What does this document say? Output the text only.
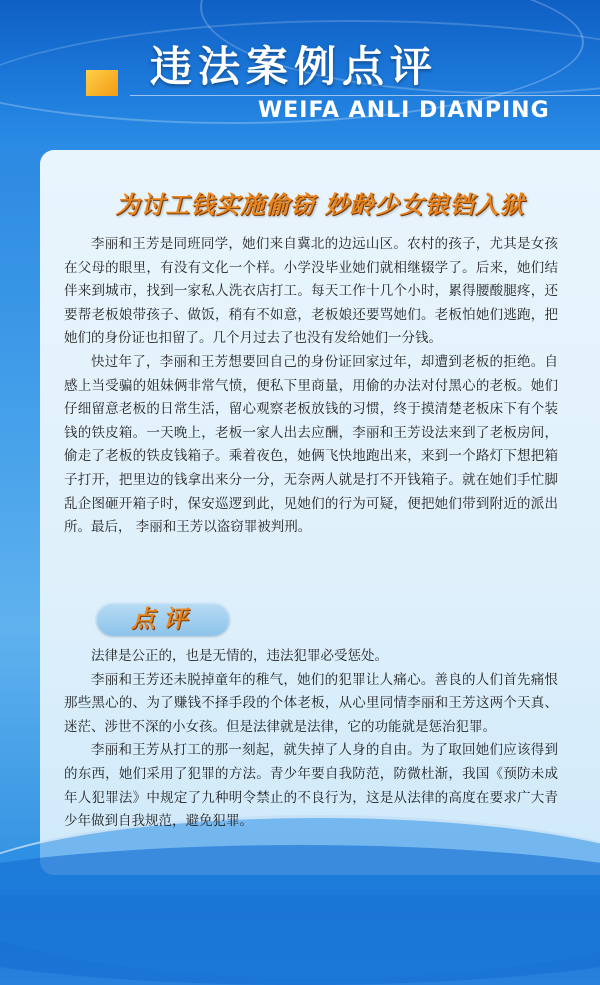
违法案例点评
WEIFA ANLI DIANPING
为讨工钱实施偷窃 妙龄少女锒铛入狱

李丽和王芳是同班同学，她们来自冀北的边远山区。农村的孩子，尤其是女孩在父母的眼里，有没有文化一个样。小学没毕业她们就相继辍学了。后来，她们结伴来到城市，找到一家私人洗衣店打工。每天工作十几个小时，累得腰酸腿疼，还要帮老板娘带孩子、做饭，稍有不如意，老板娘还要骂她们。老板怕她们逃跑，把她们的身份证也扣留了。几个月过去了也没有发给她们一分钱。

快过年了，李丽和王芳想要回自己的身份证回家过年，却遭到老板的拒绝。自感上当受骗的姐妹俩非常气愤，便私下里商量，用偷的办法对付黑心的老板。她们仔细留意老板的日常生活，留心观察老板放钱的习惯，终于摸清楚老板床下有个装钱的铁皮箱。一天晚上，老板一家人出去应酬，李丽和王芳设法来到了老板房间，偷走了老板的铁皮钱箱子。乘着夜色，她俩飞快地跑出来，来到一个路灯下想把箱子打开，把里边的钱拿出来分一分，无奈两人就是打不开钱箱子。就在她们手忙脚乱企图砸开箱子时，保安巡逻到此，见她们的行为可疑，便把她们带到附近的派出所。最后， 李丽和王芳以盗窃罪被判刑。

点评

法律是公正的，也是无情的，违法犯罪必受惩处。

李丽和王芳还未脱掉童年的稚气，她们的犯罪让人痛心。善良的人们首先痛恨那些黑心的、为了赚钱不择手段的个体老板，从心里同情李丽和王芳这两个天真、迷茫、涉世不深的小女孩。但是法律就是法律，它的功能就是惩治犯罪。

李丽和王芳从打工的那一刻起，就失掉了人身的自由。为了取回她们应该得到的东西，她们采用了犯罪的方法。青少年要自我防范，防微杜渐，我国《预防未成年人犯罪法》中规定了九种明令禁止的不良行为，这是从法律的高度在要求广大青少年做到自我规范，避免犯罪。
